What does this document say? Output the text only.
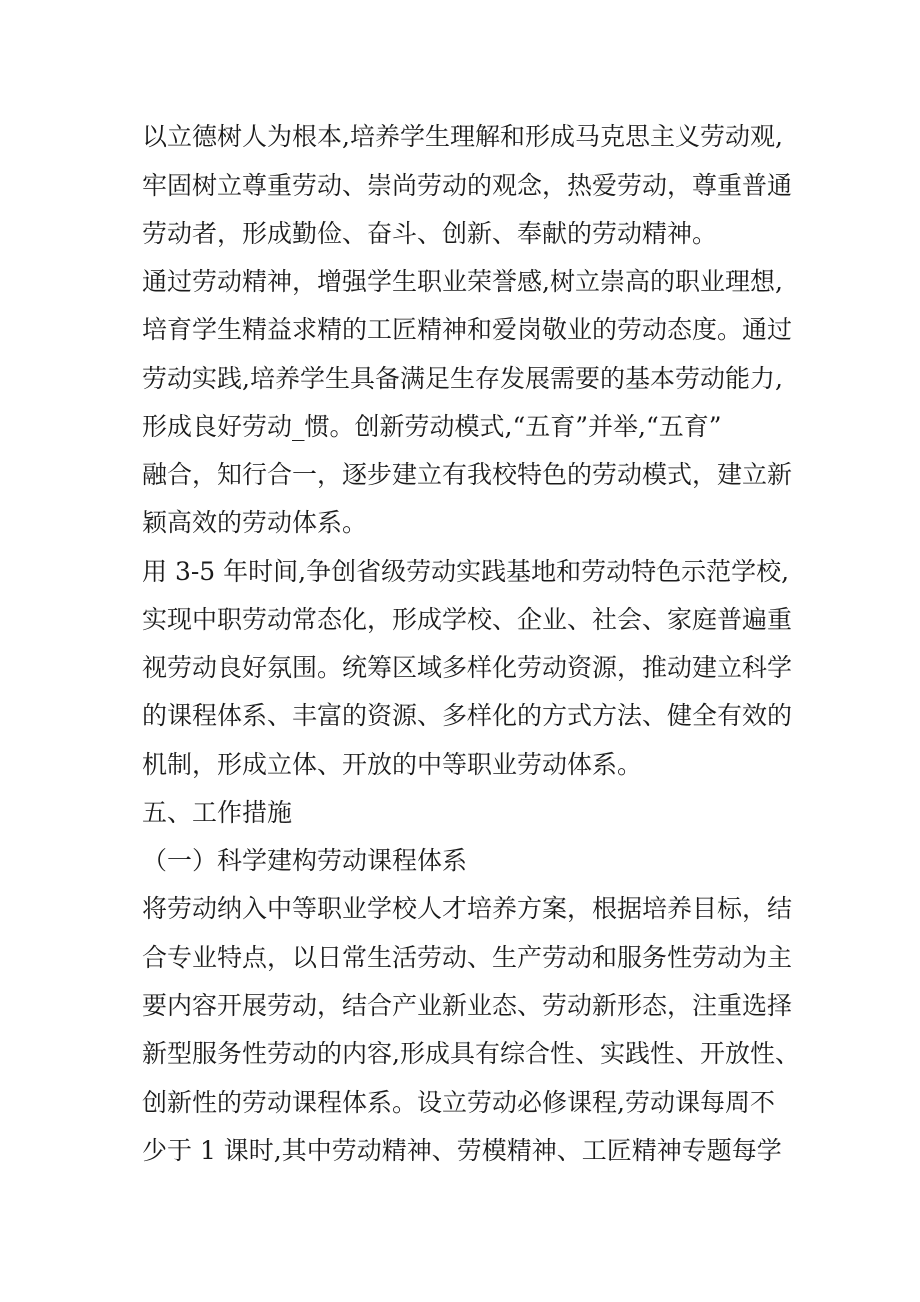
以立德树人为根本,培养学生理解和形成马克思主义劳动观,

牢固树立尊重劳动、崇尚劳动的观念，热爱劳动，尊重普通

劳动者，形成勤俭、奋斗、创新、奉献的劳动精神。

通过劳动精神，增强学生职业荣誉感,树立崇高的职业理想,

培育学生精益求精的工匠精神和爱岗敬业的劳动态度。通过

劳动实践,培养学生具备满足生存发展需要的基本劳动能力,

形成良好劳动_惯。创新劳动模式,“五育”并举,“五育”

融合，知行合一，逐步建立有我校特色的劳动模式，建立新

颖高效的劳动体系。

用 3-5 年时间,争创省级劳动实践基地和劳动特色示范学校,

实现中职劳动常态化，形成学校、企业、社会、家庭普遍重

视劳动良好氛围。统筹区域多样化劳动资源，推动建立科学

的课程体系、丰富的资源、多样化的方式方法、健全有效的

机制，形成立体、开放的中等职业劳动体系。

五、工作措施

（一）科学建构劳动课程体系

将劳动纳入中等职业学校人才培养方案，根据培养目标，结

合专业特点，以日常生活劳动、生产劳动和服务性劳动为主

要内容开展劳动，结合产业新业态、劳动新形态，注重选择

新型服务性劳动的内容,形成具有综合性、实践性、开放性、

创新性的劳动课程体系。设立劳动必修课程,劳动课每周不

少于 1 课时,其中劳动精神、劳模精神、工匠精神专题每学
